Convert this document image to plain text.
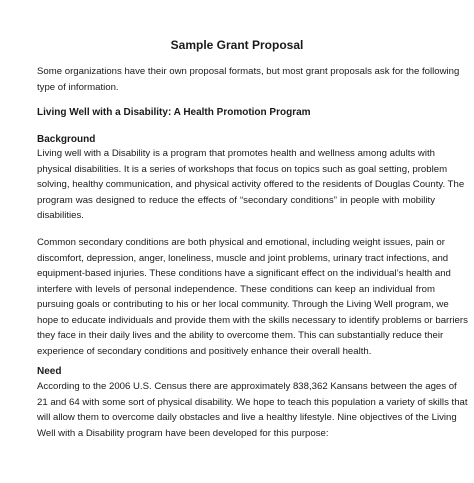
Sample Grant Proposal
Some organizations have their own proposal formats, but most grant proposals ask for the following
type of information.
Living Well with a Disability: A Health Promotion Program
Background
Living well with a Disability is a program that promotes health and wellness among adults with
physical disabilities. It is a series of workshops that focus on topics such as goal setting, problem
solving, healthy communication, and physical activity offered to the residents of Douglas County. The
program was designed to reduce the effects of “secondary conditions” in people with mobility
disabilities.
Common secondary conditions are both physical and emotional, including weight issues, pain or
discomfort, depression, anger, loneliness, muscle and joint problems, urinary tract infections, and
equipment-based injuries. These conditions have a significant effect on the individual’s health and
interfere with levels of personal independence. These conditions can keep an individual from
pursuing goals or contributing to his or her local community. Through the Living Well program, we
hope to educate individuals and provide them with the skills necessary to identify problems or barriers
they face in their daily lives and the ability to overcome them. This can substantially reduce their
experience of secondary conditions and positively enhance their overall health.
Need
According to the 2006 U.S. Census there are approximately 838,362 Kansans between the ages of
21 and 64 with some sort of physical disability. We hope to teach this population a variety of skills that
will allow them to overcome daily obstacles and live a healthy lifestyle. Nine objectives of the Living
Well with a Disability program have been developed for this purpose:
